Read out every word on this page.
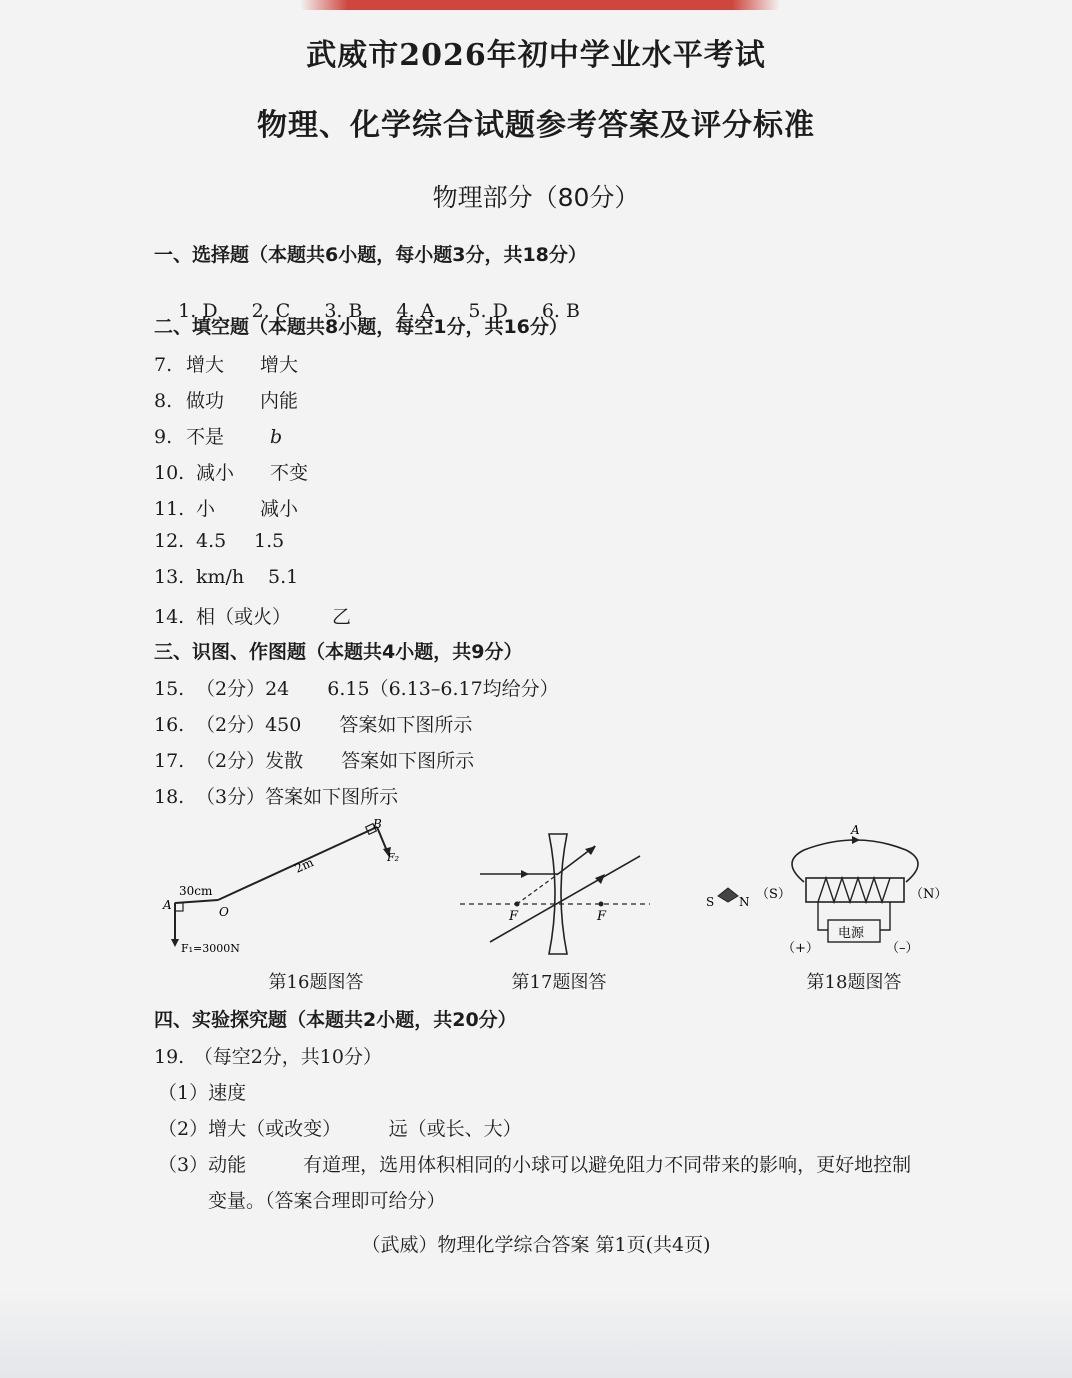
武威市2026年初中学业水平考试
物理、化学综合试题参考答案及评分标准
物理部分（80分）
一、选择题（本题共6小题，每小题3分，共18分）

1. D 2. C 3. B 4. A 5. D 6. B

二、填空题（本题共8小题，每空1分，共16分）
7. 增大 增大
8. 做功 内能
9. 不是 b
10. 减小 不变
11. 小 减小
12. 4.5 1.5
13. km/h 5.1
14. 相（或火） 乙
三、识图、作图题（本题共4小题，共9分）
15. （2分）24　　6.15（6.13–6.17均给分）
16. （2分）450　　答案如下图所示
17. （2分）发散　　答案如下图所示
18. （3分）答案如下图所示
B
F₂
2m
30cm
A	O
F₁=3000N
第16题图答
F	F
第17题图答
A
电源
S N （S）	（N）
（+）	（–）
第18题图答
四、实验探究题（本题共2小题，共20分）
19.　（每空2分，共10分）
（1）速度
（2）增大（或改变）　　　远（或长、大）
（3）动能　　　有道理，选用体积相同的小球可以避免阻力不同带来的影响，更好地控制
变量。（答案合理即可给分）
（武威）物理化学综合答案 第1页(共4页)
